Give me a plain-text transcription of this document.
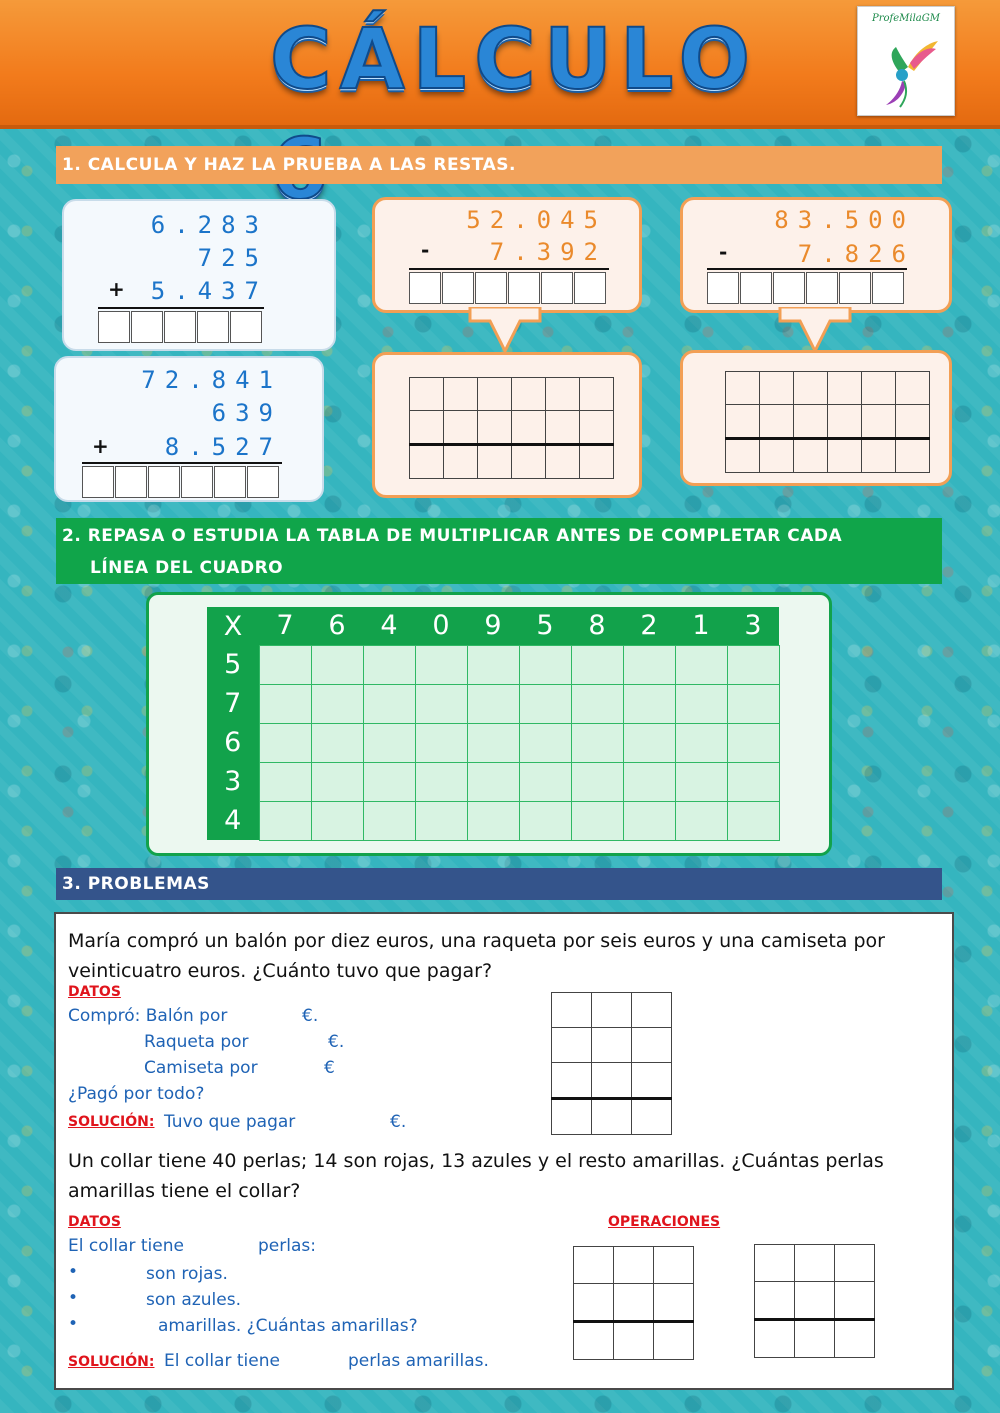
CÁLCULO	ProfeMilaGM
1. CALCULA Y HAZ LA PRUEBA A LAS RESTAS.
6.283
725
+ 5.437
72.841
639
+ 8.527
52.045
-	7.392

83.500
-	7.826

2. REPASA O ESTUDIA LA TABLA DE MULTIPLICAR ANTES DE COMPLETAR CADA
LÍNEA DEL CUADRO
X	7	6	4	0	9	5	8	2	1	3
5										
7										
6										
3										
4										
3. PROBLEMAS
María compró un balón por diez euros, una raqueta por seis euros y una camiseta por
veinticuatro euros. ¿Cuánto tuvo que pagar?
DATOS
Compró: Balón por	€.
Raqueta por	€.
Camiseta por	€
¿Pagó por todo?
SOLUCIÓN: Tuvo que pagar	€.

Un collar tiene 40 perlas; 14 son rojas, 13 azules y el resto amarillas. ¿Cuántas perlas
amarillas tiene el collar?
DATOS	OPERACIONES
El collar tiene	perlas:
•	son rojas.
•	son azules.
•	amarillas. ¿Cuántas amarillas?
SOLUCIÓN: El collar tiene	perlas amarillas.
